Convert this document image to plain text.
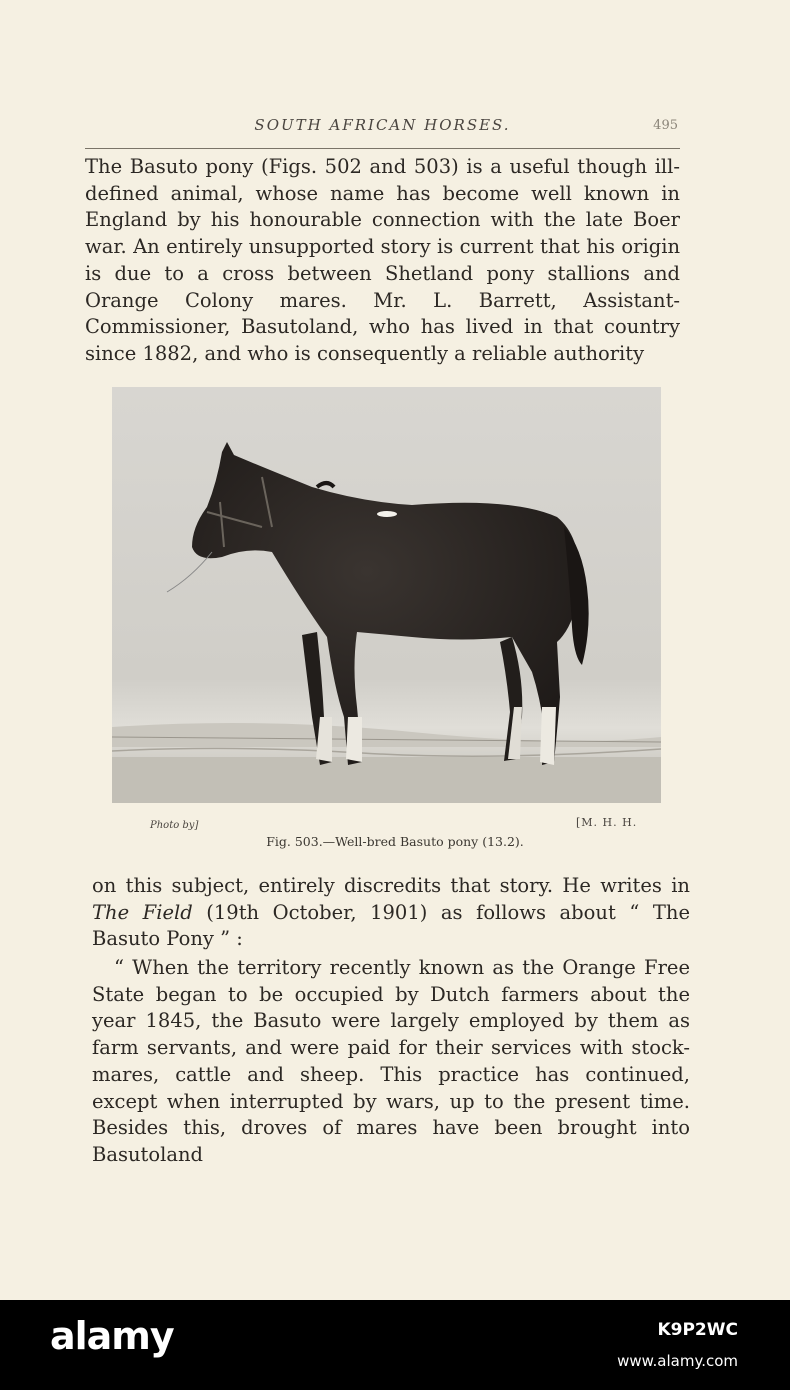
SOUTH AFRICAN HORSES.	495

The Basuto pony (Figs. 502 and 503) is a useful though ill-defined animal, whose name has become well known in England by his honourable connection with the late Boer war. An entirely unsupported story is current that his origin is due to a cross between Shetland pony stallions and Orange Colony mares. Mr. L. Barrett, Assistant-Commissioner, Basutoland, who has lived in that country since 1882, and who is consequently a reliable authority

Photo by]	[M. H. H.
Fig. 503.—Well-bred Basuto pony (13.2).

on this subject, entirely discredits that story. He writes in The Field (19th October, 1901) as follows about “ The Basuto Pony ” :

“ When the territory recently known as the Orange Free State began to be occupied by Dutch farmers about the year 1845, the Basuto were largely employed by them as farm servants, and were paid for their services with stock-mares, cattle and sheep. This practice has continued, except when interrupted by wars, up to the present time. Besides this, droves of mares have been brought into Basutoland

alamy	K9P2WC
www.alamy.com
